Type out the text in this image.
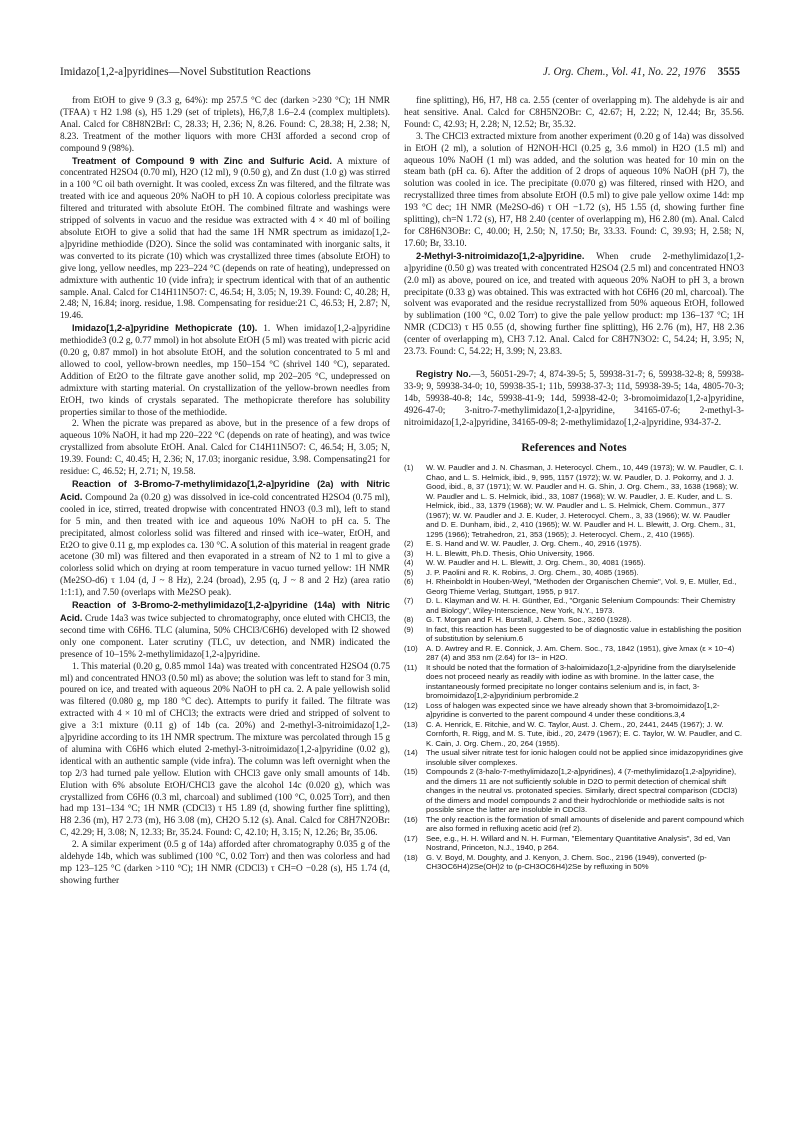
Imidazo[1,2-a]pyridines—Novel Substitution Reactions	J. Org. Chem., Vol. 41, No. 22, 1976 3555

from EtOH to give 9 (3.3 g, 64%): mp 257.5 °C dec (darken >230 °C); 1H NMR (TFAA) τ H2 1.98 (s), H5 1.29 (set of triplets), H6,7,8 1.6–2.4 (complex multiplets). Anal. Calcd for C8H8N2BrI: C, 28.33; H, 2.36; N, 8.26. Found: C, 28.38; H, 2.38; N, 8.23. Treatment of the mother liquors with more CH3I afforded a second crop of compound 9 (98%).

Treatment of Compound 9 with Zinc and Sulfuric Acid. A mixture of concentrated H2SO4 (0.70 ml), H2O (12 ml), 9 (0.50 g), and Zn dust (1.0 g) was stirred in a 100 °C oil bath overnight. It was cooled, excess Zn was filtered, and the filtrate was treated with ice and aqueous 20% NaOH to pH 10. A copious colorless precipitate was filtered and triturated with absolute EtOH. The combined filtrate and washings were stripped of solvents in vacuo and the residue was extracted with 4 × 40 ml of boiling absolute EtOH to give a solid that had the same 1H NMR spectrum as imidazo[1,2-a]pyridine methiodide (D2O). Since the solid was contaminated with inorganic salts, it was converted to its picrate (10) which was crystallized three times (absolute EtOH) to give long, yellow needles, mp 223–224 °C (depends on rate of heating), undepressed on admixture with authentic 10 (vide infra); ir spectrum identical with that of an authentic sample. Anal. Calcd for C14H11N5O7: C, 46.54; H, 3.05; N, 19.39. Found: C, 40.28; H, 2.48; N, 16.84; inorg. residue, 1.98. Compensating for residue:21 C, 46.53; H, 2.87; N, 19.46.

Imidazo[1,2-a]pyridine Methopicrate (10). 1. When imidazo[1,2-a]pyridine methiodide3 (0.2 g, 0.77 mmol) in hot absolute EtOH (5 ml) was treated with picric acid (0.20 g, 0.87 mmol) in hot absolute EtOH, and the solution concentrated to 5 ml and allowed to cool, yellow-brown needles, mp 150–154 °C (shrivel 140 °C), separated. Addition of Et2O to the filtrate gave another solid, mp 202–205 °C, undepressed on admixture with starting material. On crystallization of the yellow-brown needles from EtOH, two kinds of crystals separated. The methopicrate therefore has solubility properties similar to those of the methiodide.

2. When the picrate was prepared as above, but in the presence of a few drops of aqueous 10% NaOH, it had mp 220–222 °C (depends on rate of heating), and was twice crystallized from absolute EtOH. Anal. Calcd for C14H11N5O7: C, 46.54; H, 3.05; N, 19.39. Found: C, 40.45; H, 2.36; N, 17.03; inorganic residue, 3.98. Compensating21 for residue: C, 46.52; H, 2.71; N, 19.58.

Reaction of 3-Bromo-7-methylimidazo[1,2-a]pyridine (2a) with Nitric Acid. Compound 2a (0.20 g) was dissolved in ice-cold concentrated H2SO4 (0.75 ml), cooled in ice, stirred, treated dropwise with concentrated HNO3 (0.3 ml), left to stand for 5 min, and then treated with ice and aqueous 10% NaOH to pH ca. 5. The precipitated, almost colorless solid was filtered and rinsed with ice–water, EtOH, and Et2O to give 0.11 g, mp explodes ca. 130 °C. A solution of this material in reagent grade acetone (30 ml) was filtered and then evaporated in a stream of N2 to 1 ml to give a colorless solid which on drying at room temperature in vacuo turned yellow: 1H NMR (Me2SO-d6) τ 1.04 (d, J ~ 8 Hz), 2.24 (broad), 2.95 (q, J ~ 8 and 2 Hz) (area ratio 1:1:1), and 7.50 (overlaps with Me2SO peak).

Reaction of 3-Bromo-2-methylimidazo[1,2-a]pyridine (14a) with Nitric Acid. Crude 14a3 was twice subjected to chromatography, once eluted with CHCl3, the second time with C6H6. TLC (alumina, 50% CHCl3/C6H6) developed with I2 showed only one component. Later scrutiny (TLC, uv detection, and NMR) indicated the presence of 10–15% 2-methylimidazo[1,2-a]pyridine.

1. This material (0.20 g, 0.85 mmol 14a) was treated with concentrated H2SO4 (0.75 ml) and concentrated HNO3 (0.50 ml) as above; the solution was left to stand for 3 min, poured on ice, and treated with aqueous 20% NaOH to pH ca. 2. A pale yellowish solid was filtered (0.080 g, mp 180 °C dec). Attempts to purify it failed. The filtrate was extracted with 4 × 10 ml of CHCl3; the extracts were dried and stripped of solvent to give a 3:1 mixture (0.11 g) of 14b (ca. 20%) and 2-methyl-3-nitroimidazo[1,2-a]pyridine according to its 1H NMR spectrum. The mixture was percolated through 15 g of alumina with C6H6 which eluted 2-methyl-3-nitroimidazo[1,2-a]pyridine (0.02 g), identical with an authentic sample (vide infra). The column was left overnight when the top 2/3 had turned pale yellow. Elution with CHCl3 gave only small amounts of 14b. Elution with 6% absolute EtOH/CHCl3 gave the alcohol 14c (0.020 g), which was crystallized from C6H6 (0.3 ml, charcoal) and sublimed (100 °C, 0.025 Torr), and then had mp 131–134 °C; 1H NMR (CDCl3) τ H5 1.89 (d, showing further fine splitting), H8 2.36 (m), H7 2.73 (m), H6 3.08 (m), CH2O 5.12 (s). Anal. Calcd for C8H7N2OBr: C, 42.29; H, 3.08; N, 12.33; Br, 35.24. Found: C, 42.10; H, 3.15; N, 12.26; Br, 35.06.

2. A similar experiment (0.5 g of 14a) afforded after chromatography 0.035 g of the aldehyde 14b, which was sublimed (100 °C, 0.02 Torr) and then was colorless and had mp 123–125 °C (darken >110 °C); 1H NMR (CDCl3) τ CH=O −0.28 (s), H5 1.74 (d, showing further

fine splitting), H6, H7, H8 ca. 2.55 (center of overlapping m). The aldehyde is air and heat sensitive. Anal. Calcd for C8H5N2OBr: C, 42.67; H, 2.22; N, 12.44; Br, 35.56. Found: C, 42.93; H, 2.28; N, 12.52; Br, 35.32.

3. The CHCl3 extracted mixture from another experiment (0.20 g of 14a) was dissolved in EtOH (2 ml), a solution of H2NOH·HCl (0.25 g, 3.6 mmol) in H2O (1.5 ml) and aqueous 10% NaOH (1 ml) was added, and the solution was heated for 10 min on the steam bath (pH ca. 6). After the addition of 2 drops of aqueous 10% NaOH (pH 7), the solution was cooled in ice. The precipitate (0.070 g) was filtered, rinsed with H2O, and recrystallized three times from absolute EtOH (0.5 ml) to give pale yellow oxime 14d: mp 193 °C dec; 1H NMR (Me2SO-d6) τ OH −1.72 (s), H5 1.55 (d, showing further fine splitting), ch=N 1.72 (s), H7, H8 2.40 (center of overlapping m), H6 2.80 (m). Anal. Calcd for C8H6N3OBr: C, 40.00; H, 2.50; N, 17.50; Br, 33.33. Found: C, 39.93; H, 2.58; N, 17.60; Br, 33.10.

2-Methyl-3-nitroimidazo[1,2-a]pyridine. When crude 2-methylimidazo[1,2-a]pyridine (0.50 g) was treated with concentrated H2SO4 (2.5 ml) and concentrated HNO3 (2.0 ml) as above, poured on ice, and treated with aqueous 20% NaOH to pH 3, a brown precipitate (0.33 g) was obtained. This was extracted with hot C6H6 (20 ml, charcoal). The solvent was evaporated and the residue recrystallized from 50% aqueous EtOH, followed by sublimation (100 °C, 0.02 Torr) to give the pale yellow product: mp 136–137 °C; 1H NMR (CDCl3) τ H5 0.55 (d, showing further fine splitting), H6 2.76 (m), H7, H8 2.36 (center of overlapping m), CH3 7.12. Anal. Calcd for C8H7N3O2: C, 54.24; H, 3.95; N, 23.73. Found: C, 54.22; H, 3.99; N, 23.83.

Registry No.—3, 56051-29-7; 4, 874-39-5; 5, 59938-31-7; 6, 59938-32-8; 8, 59938-33-9; 9, 59938-34-0; 10, 59938-35-1; 11b, 59938-37-3; 11d, 59938-39-5; 14a, 4805-70-3; 14b, 59938-40-8; 14c, 59938-41-9; 14d, 59938-42-0; 3-bromoimidazo[1,2-a]pyridine, 4926-47-0; 3-nitro-7-methylimidazo[1,2-a]pyridine, 34165-07-6; 2-methyl-3-nitroimidazo[1,2-a]pyridine, 34165-09-8; 2-methylimidazo[1,2-a]pyridine, 934-37-2.

References and Notes

(1) W. W. Paudler and J. N. Chasman, J. Heterocycl. Chem., 10, 449 (1973); W. W. Paudler, C. I. Chao, and L. S. Helmick, ibid., 9, 995, 1157 (1972); W. W. Paudler, D. J. Pokorny, and J. J. Good, ibid., 8, 37 (1971); W. W. Paudler and H. G. Shin, J. Org. Chem., 33, 1638 (1968); W. W. Paudler and L. S. Helmick, ibid., 33, 1087 (1968); W. W. Paudler, J. E. Kuder, and L. S. Helmick, ibid., 33, 1379 (1968); W. W. Paudler and L. S. Helmick, Chem. Commun., 377 (1967); W. W. Paudler and J. E. Kuder, J. Heterocycl. Chem., 3, 33 (1966); W. W. Paudler and D. E. Dunham, ibid., 2, 410 (1965); W. W. Paudler and H. L. Blewitt, J. Org. Chem., 31, 1295 (1966); Tetrahedron, 21, 353 (1965); J. Heterocycl. Chem., 2, 410 (1965).

(2) E. S. Hand and W. W. Paudler, J. Org. Chem., 40, 2916 (1975).

(3) H. L. Blewitt, Ph.D. Thesis, Ohio University, 1966.

(4) W. W. Paudler and H. L. Blewitt, J. Org. Chem., 30, 4081 (1965).

(5) J. P. Paolini and R. K. Robins, J. Org. Chem., 30, 4085 (1965).

(6) H. Rheinboldt in Houben-Weyl, "Methoden der Organischen Chemie", Vol. 9, E. Müller, Ed., Georg Thieme Verlag, Stuttgart, 1955, p 917.

(7) D. L. Klayman and W. H. H. Günther, Ed., "Organic Selenium Compounds: Their Chemistry and Biology", Wiley-Interscience, New York, N.Y., 1973.

(8) G. T. Morgan and F. H. Burstall, J. Chem. Soc., 3260 (1928).

(9) In fact, this reaction has been suggested to be of diagnostic value in establishing the position of substitution by selenium.6

(10) A. D. Awtrey and R. E. Connick, J. Am. Chem. Soc., 73, 1842 (1951), give λmax (ε × 10−4) 287 (4) and 353 nm (2.64) for I3− in H2O.

(11) It should be noted that the formation of 3-haloimidazo[1,2-a]pyridine from the diarylselenide does not proceed nearly as readily with iodine as with bromine. In the latter case, the instantaneously formed precipitate no longer contains selenium and is, in fact, 3-bromoimidazo[1,2-a]pyridinium perbromide.2

(12) Loss of halogen was expected since we have already shown that 3-bromoimidazo[1,2-a]pyridine is converted to the parent compound 4 under these conditions.3,4

(13) C. A. Henrick, E. Ritchie, and W. C. Taylor, Aust. J. Chem., 20, 2441, 2445 (1967); J. W. Cornforth, R. Rigg, and M. S. Tute, ibid., 20, 2479 (1967); E. C. Taylor, W. W. Paudler, and C. K. Cain, J. Org. Chem., 20, 264 (1955).

(14) The usual silver nitrate test for ionic halogen could not be applied since imidazopyridines give insoluble silver complexes.

(15) Compounds 2 (3-halo-7-methylimidazo[1,2-a]pyridines), 4 (7-methylimidazo[1,2-a]pyridine), and the dimers 11 are not sufficiently soluble in D2O to permit detection of chemical shift changes in the neutral vs. protonated species. Similarly, direct spectral comparison (CDCl3) of the dimers and model compounds 2 and their hydrochloride or methiodide salts is not possible since the latter are insoluble in CDCl3.

(16) The only reaction is the formation of small amounts of diselenide and parent compound which are also formed in refluxing acetic acid (ref 2).

(17) See, e.g., H. H. Willard and N. H. Furman, "Elementary Quantitative Analysis", 3d ed, Van Nostrand, Princeton, N.J., 1940, p 264.

(18) G. V. Boyd, M. Doughty, and J. Kenyon, J. Chem. Soc., 2196 (1949), converted (p-CH3OC6H4)2Se(OH)2 to (p-CH3OC6H4)2Se by refluxing in 50%
